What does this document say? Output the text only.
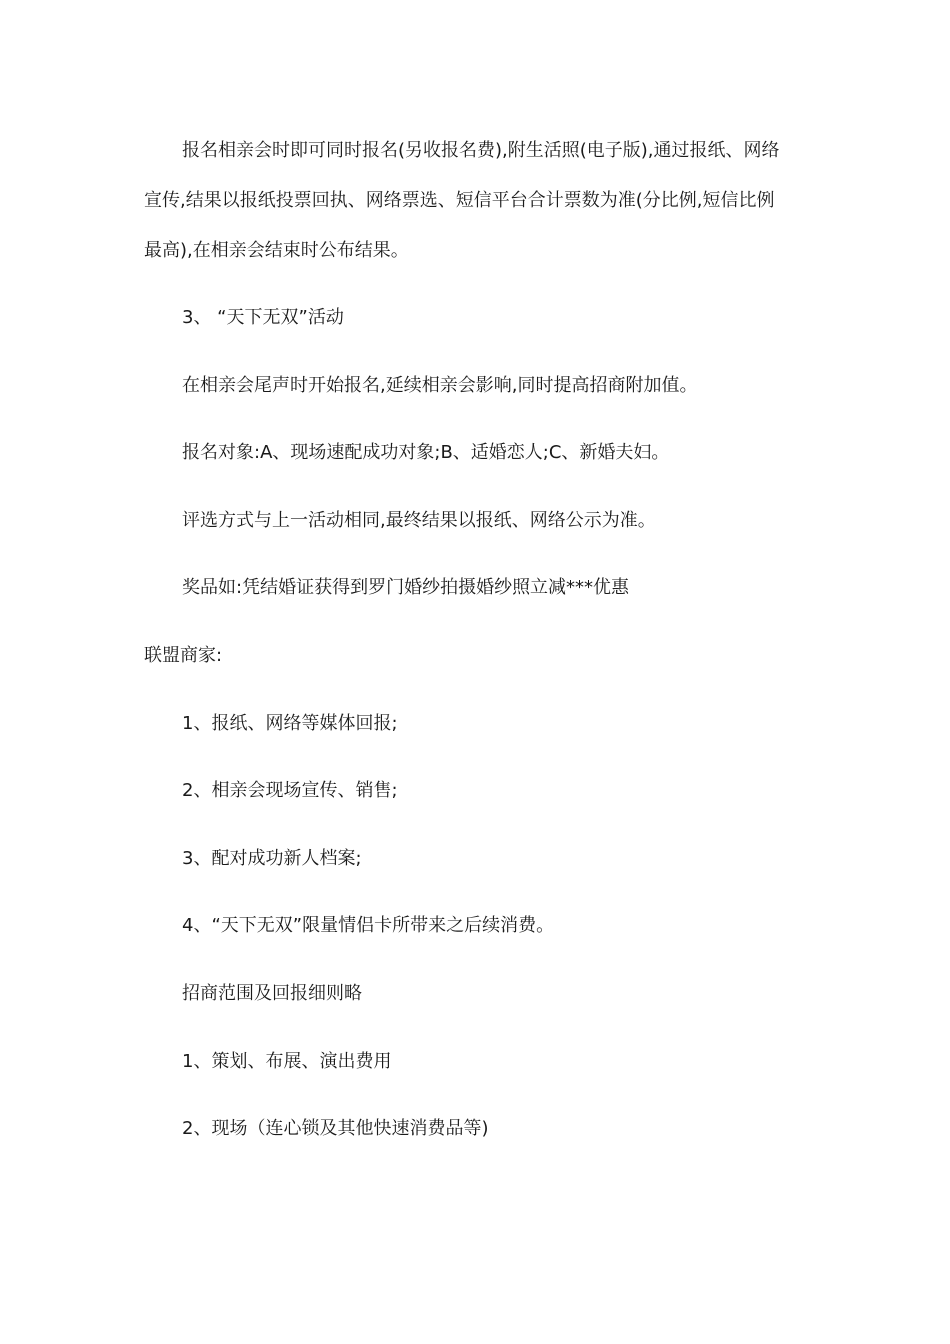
报名相亲会时即可同时报名(另收报名费),附生活照(电子版),通过报纸、网络

宣传,结果以报纸投票回执、网络票选、短信平台合计票数为准(分比例,短信比例

最高),在相亲会结束时公布结果。

3、 “天下无双”活动

在相亲会尾声时开始报名,延续相亲会影响,同时提高招商附加值。

报名对象:A、现场速配成功对象;B、适婚恋人;C、新婚夫妇。

评选方式与上一活动相同,最终结果以报纸、网络公示为准。

奖品如:凭结婚证获得到罗门婚纱拍摄婚纱照立减***优惠

联盟商家:

1、报纸、网络等媒体回报;

2、相亲会现场宣传、销售;

3、配对成功新人档案;

4、“天下无双”限量情侣卡所带来之后续消费。

招商范围及回报细则略

1、策划、布展、演出费用

2、现场（连心锁及其他快速消费品等)
